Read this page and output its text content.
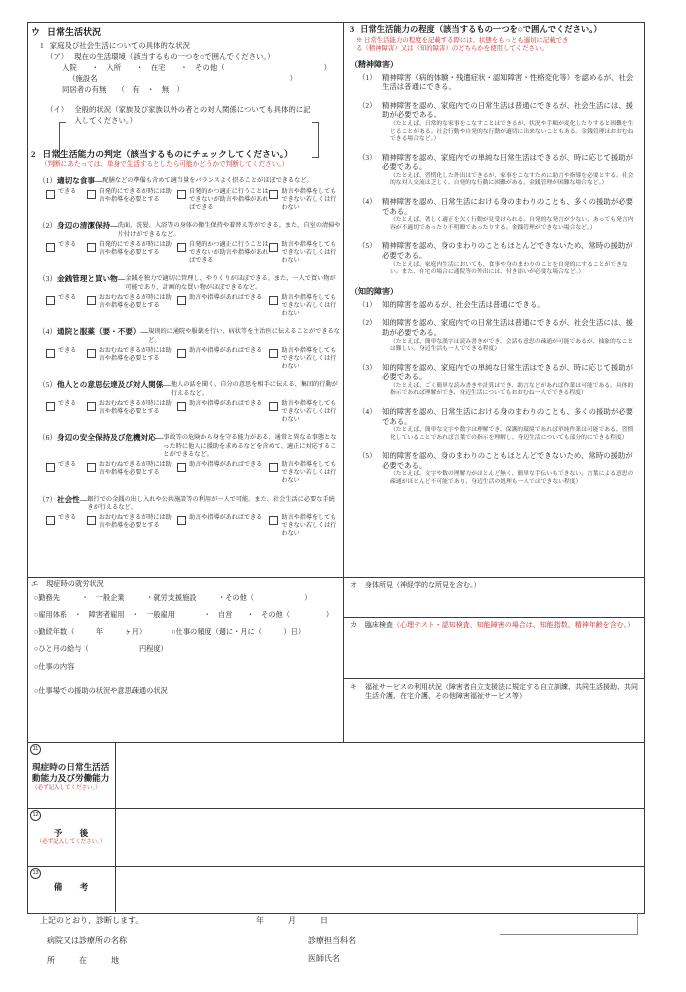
ウ 日常生活状況
1 家庭及び社会生活についての具体的な状況
（ア） 現在の生活環境（該当するもの一つを○で囲んでください。）
入院　　・　入所　　・　在宅　　・　その他（	）
（施設名	）
同居者の有無　　（　有　・　無　）
（イ） 全般的状況（家族及び家族以外の者との対人関係についても具体的に記入してください。）
2 日常生活能力の判定（該当するものにチェックしてください。）
（判断にあたっては、単身で生活するとしたら可能かどうかで判断してください。）
（1） 適切な食事― 配膳などの準備も含めて適当量をバランスよく摂ることがほぼできるなど。
できる	自発的にできるが時には助言や指導を必要とする
自発的かつ適正に行うことはできないが助言や指導があればできる
助言や指導をしてもできない若しくは行わない
（2） 身辺の清潔保持― 洗面、洗髪、入浴等の身体の衛生保持や着替え等ができる。また、自室の清掃や片付けができるなど。
できる	自発的にできるが時には助言や指導を必要とする
自発的かつ適正に行うことはできないが助言や指導があればできる
助言や指導をしてもできない若しくは行わない
（3） 金銭管理と買い物― 金銭を独力で適切に管理し、やりくりがほぼできる。また、一人で買い物が可能であり、計画的な買い物がほぼできるなど。
できる	おおむねできるが時には助言や指導を必要とする
助言や指導があればできる	助言や指導をしてもできない若しくは行わない
（4） 通院と服薬（要・不要）― 規則的に通院や服薬を行い、病状等を主治医に伝えることができるなど。
できる	おおむねできるが時には助言や指導を必要とする
助言や指導があればできる	助言や指導をしてもできない若しくは行わない
（5） 他人との意思伝達及び対人関係― 他人の話を聞く、自分の意思を相手に伝える、集団的行動が行えるなど。
できる	おおむねできるが時には助言や指導を必要とする
助言や指導があればできる	助言や指導をしてもできない若しくは行わない
（6） 身辺の安全保持及び危機対応― 事故等の危険から身を守る能力がある、通常と異なる事態となった時に他人に援助を求めるなどを含めて、適正に対応することができるなど。
できる	おおむねできるが時には助言や指導を必要とする
助言や指導があればできる	助言や指導をしてもできない若しくは行わない
（7） 社会性― 銀行での金銭の出し入れや公共施設等の利用が一人で可能。また、社会生活に必要な手続きが行えるなど。
できる	おおむねできるが時には助言や指導を必要とする
助言や指導があればできる	助言や指導をしてもできない若しくは行わない
エ 現症時の就労状況
○勤務先　　　・　一般企業　　　・就労支援施設　　　・その他（　　　　　　　）
○雇用体系　・　障害者雇用　・　一般雇用　　　　・　自営　　・　その他（　　　　　）
○勤続年数（　　　年　　　ヶ月）　　　　○仕事の頻度（週に・月に（　　　）日）
○ひと月の給与（　　　　　　　円程度）
○仕事の内容
○仕事場での援助の状況や意思疎通の状況
3 日常生活能力の程度（該当するもの一つを○で囲んでください。）
※ 日常生活能力の程度を記載する際には、状態をもっとも適切に記載できる（精神障害）又は（知的障害）のどちらかを使用してください。
（精神障害）
（1） 精神障害（病的体験・残遺症状・認知障害・性格変化等）を認めるが、社会生活は普通にできる。
（2） 精神障害を認め、家庭内での日常生活は普通にできるが、社会生活には、援助が必要である。
（たとえば、日常的な家事をこなすことはできるが、状況や手順が変化したりすると困難を生じることがある。社会行動や自発的な行動が適切に出来ないこともある。金銭管理はおおむねできる場合など。）
（3） 精神障害を認め、家庭内での単純な日常生活はできるが、時に応じて援助が必要である。
（たとえば、習慣化した外出はできるが、家事をこなすために助言や指導を必要とする。社会的な対人交流は乏しく、自発的な行動に困難がある。金銭管理が困難な場合など。）
（4） 精神障害を認め、日常生活における身のまわりのことも、多くの援助が必要である。
（たとえば、著しく適正を欠く行動が見受けられる。自発的な発言が少ない、あっても発言内容が不適切であったり不明瞭であったりする。金銭管理ができない場合など。）
（5） 精神障害を認め、身のまわりのこともほとんどできないため、常時の援助が必要である。
（たとえば、家庭内生活においても、食事や身のまわりのことを自発的にすることができない。また、在宅の場合に通院等の外出には、付き添いが必要な場合など。）
（知的障害）
（1） 知的障害を認めるが、社会生活は普通にできる。
（2） 知的障害を認め、家庭内での日常生活は普通にできるが、社会生活には、援助が必要である。
（たとえば、簡単な漢字は読み書きができ、会話も意思の疎通が可能であるが、抽象的なことは難しい。身辺生活も一人でできる程度）
（3） 知的障害を認め、家庭内での単純な日常生活はできるが、時に応じて援助が必要である。
（たとえば、ごく簡単な読み書きや計算はでき、助言などがあれば作業は可能である。具体的指示であれば理解ができ、身辺生活についてもおおむね一人でできる程度）
（4） 知的障害を認め、日常生活における身のまわりのことも、多くの援助が必要である。
（たとえば、簡単な文字や数字は理解でき、保護的環境であれば単純作業は可能である。習慣化していることであれば言葉での指示を理解し、身辺生活についても部分的にできる程度）
（5） 知的障害を認め、身のまわりのこともほとんどできないため、常時の援助が必要である。
（たとえば、文字や数の理解力がほとんど無く、簡単な手伝いもできない。言葉による意思の疎通がほとんど不可能であり、身辺生活の処理も一人ではできない程度）
オ 身体所見（神経学的な所見を含む。）
カ 臨床検査（心理テスト・認知検査、知能障害の場合は、知能指数、精神年齢を含む。）
キ 福祉サービスの利用状況（障害者自立支援法に規定する自立訓練、共同生活援助、共同生活介護、在宅介護、その他障害福祉サービス等）
11
現症時の日常生活活動能力及び労働能力
（必ず記入してください。）
12
予　　後
（必ず記入してください。）
13
備　　考
上記のとおり、診断します。	年　　　月　　　日
病院又は診療所の名称	診療担当科名
所　　　在　　　地	医師氏名
